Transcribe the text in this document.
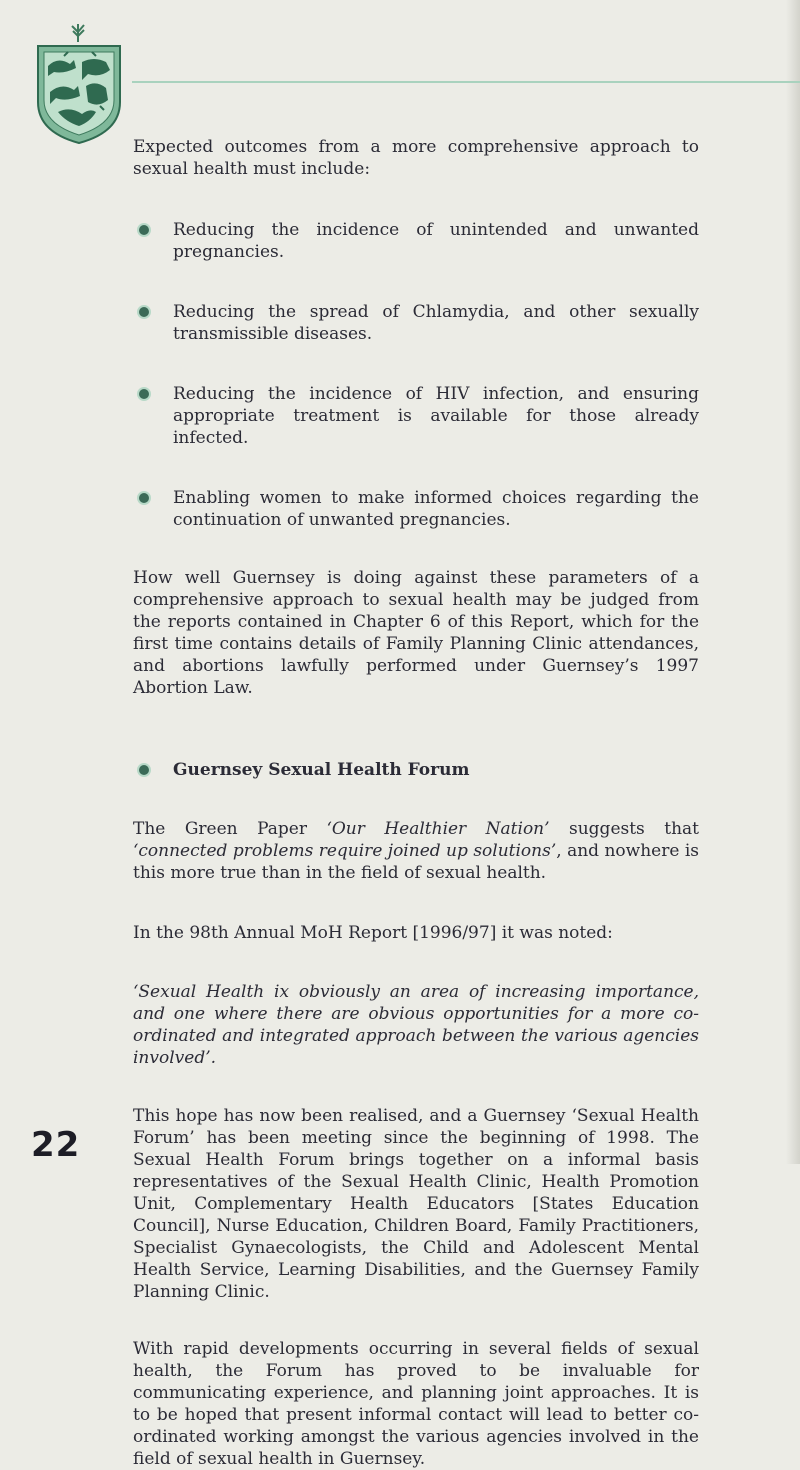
Expected outcomes from a more comprehensive approach to sexual health must include:

Reducing the incidence of unintended and unwanted pregnancies.
Reducing the spread of Chlamydia, and other sexually transmissible diseases.
Reducing the incidence of HIV infection, and ensuring appropriate treatment is available for those already infected.
Enabling women to make informed choices regarding the continuation of unwanted pregnancies.

How well Guernsey is doing against these parameters of a comprehensive approach to sexual health may be judged from the reports contained in Chapter 6 of this Report, which for the first time contains details of Family Planning Clinic attendances, and abortions lawfully performed under Guernsey’s 1997 Abortion Law.

Guernsey Sexual Health Forum

The Green Paper ‘Our Healthier Nation’ suggests that ‘connected problems require joined up solutions’, and nowhere is this more true than in the field of sexual health.

In the 98th Annual MoH Report [1996/97] it was noted:

‘Sexual Health ix obviously an area of increasing importance, and one where there are obvious opportunities for a more co-ordinated and integrated approach between the various agencies involved’.

This hope has now been realised, and a Guernsey ‘Sexual Health Forum’ has been meeting since the beginning of 1998. The Sexual Health Forum brings together on a informal basis representatives of the Sexual Health Clinic, Health Promotion Unit, Complementary Health Educators [States Education Council], Nurse Education, Children Board, Family Practitioners, Specialist Gynaecologists, the Child and Adolescent Mental Health Service, Learning Disabilities, and the Guernsey Family Planning Clinic.

With rapid developments occurring in several fields of sexual health, the Forum has proved to be invaluable for communicating experience, and planning joint approaches. It is to be hoped that present informal contact will lead to better co-ordinated working amongst the various agencies involved in the field of sexual health in Guernsey.

22
